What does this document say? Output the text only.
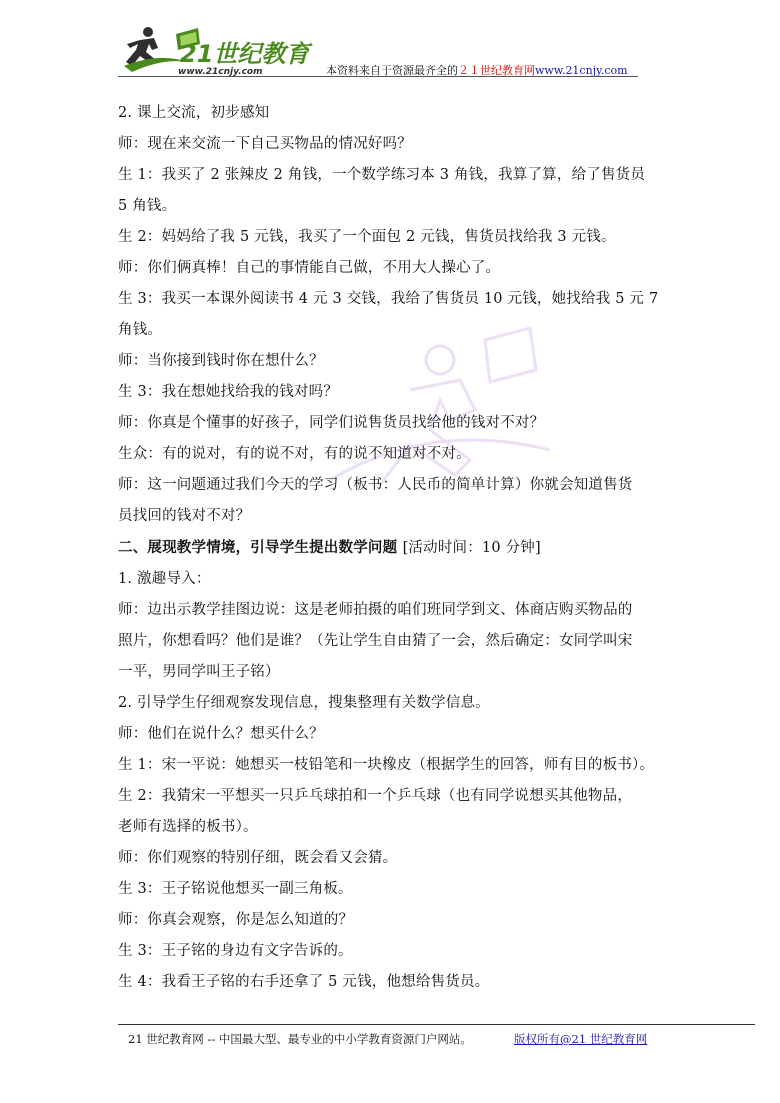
21世纪教育
www.21cnjy.com	本资料来自于资源最齐全的２１世纪教育网www.21cnjy.com

2. 课上交流，初步感知

师：现在来交流一下自己买物品的情况好吗？

生 1：我买了 2 张辣皮 2 角钱，一个数学练习本 3 角钱，我算了算，给了售货员

5 角钱。

生 2：妈妈给了我 5 元钱，我买了一个面包 2 元钱，售货员找给我 3 元钱。

师：你们俩真棒！自己的事情能自己做，不用大人操心了。

生 3：我买一本课外阅读书 4 元 3 交钱，我给了售货员 10 元钱，她找给我 5 元 7

角钱。

师：当你接到钱时你在想什么？

生 3：我在想她找给我的钱对吗？

师：你真是个懂事的好孩子，同学们说售货员找给他的钱对不对？

生众：有的说对，有的说不对，有的说不知道对不对。

师：这一问题通过我们今天的学习（板书：人民币的简单计算）你就会知道售货

员找回的钱对不对？

二、展现教学情境，引导学生提出数学问题 [活动时间：10 分钟]

1. 激趣导入：

师：边出示教学挂图边说：这是老师拍摄的咱们班同学到文、体商店购买物品的

照片，你想看吗？他们是谁？（先让学生自由猜了一会，然后确定：女同学叫宋

一平，男同学叫王子铭）

2. 引导学生仔细观察发现信息，搜集整理有关数学信息。

师：他们在说什么？想买什么？

生 1：宋一平说：她想买一枝铅笔和一块橡皮（根据学生的回答，师有目的板书）。

生 2：我猜宋一平想买一只乒乓球拍和一个乒乓球（也有同学说想买其他物品，

老师有选择的板书）。

师：你们观察的特别仔细，既会看又会猜。

生 3：王子铭说他想买一副三角板。

师：你真会观察，你是怎么知道的？

生 3：王子铭的身边有文字告诉的。

生 4：我看王子铭的右手还拿了 5 元钱，他想给售货员。

21 世纪教育网 -- 中国最大型、最专业的中小学教育资源门户网站。	版权所有@21 世纪教育网
